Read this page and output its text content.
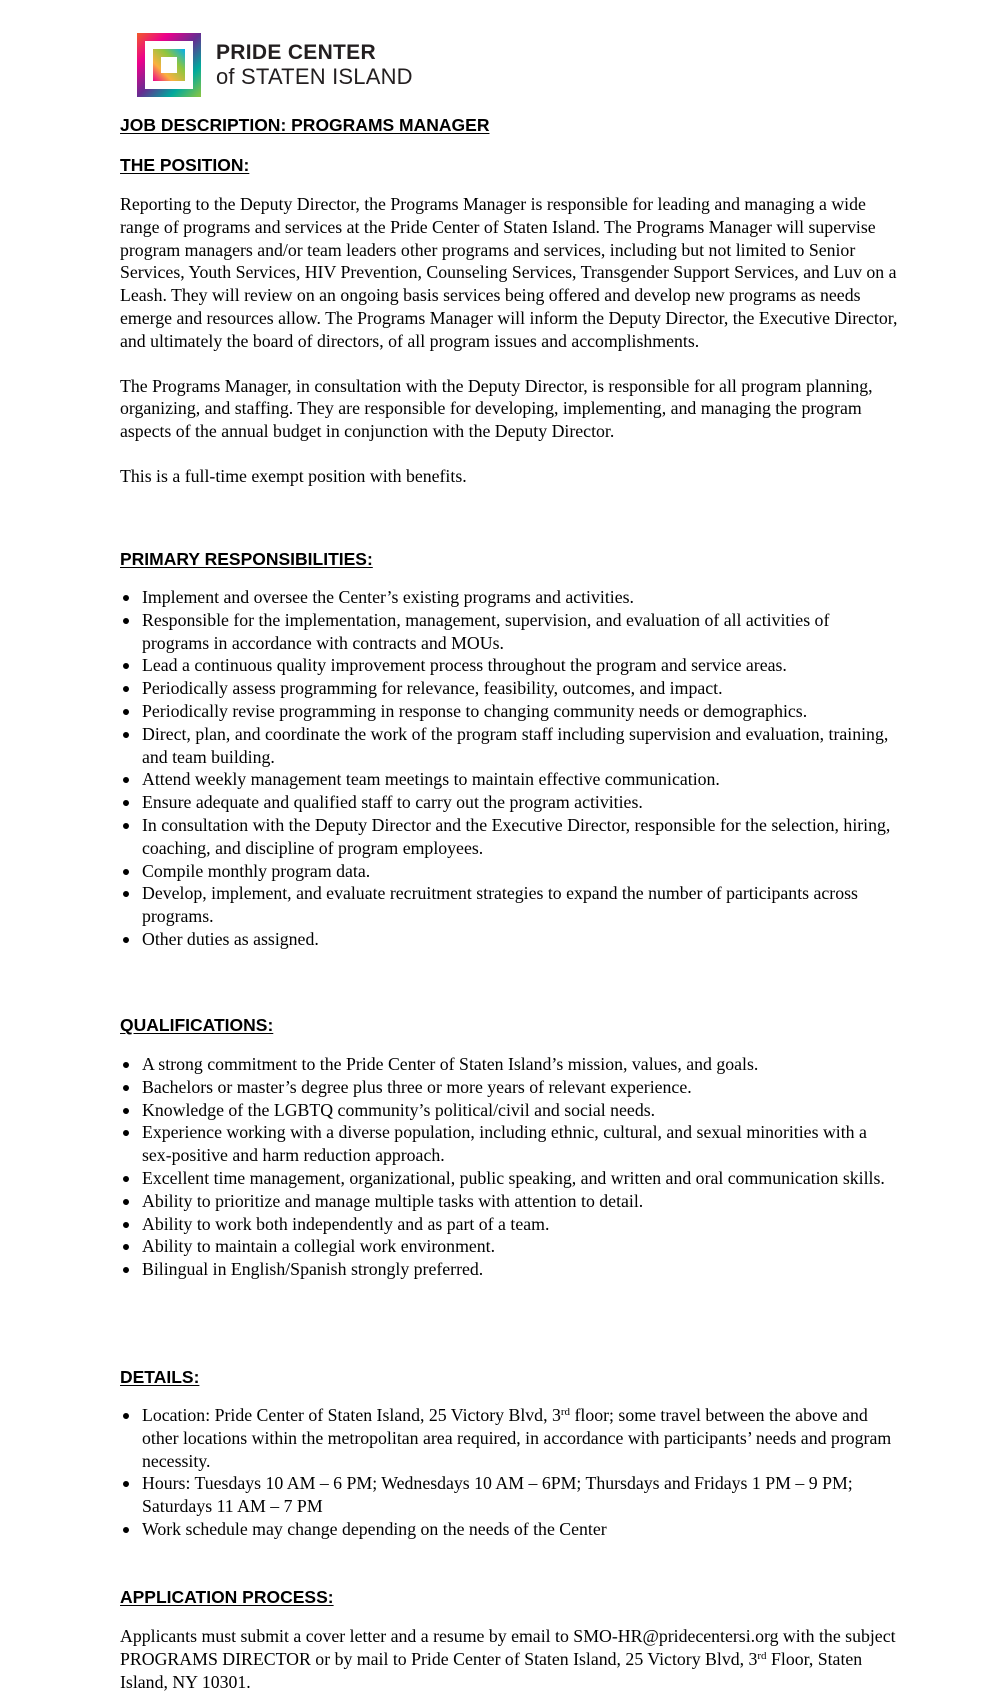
PRIDE CENTER
of STATEN ISLAND
JOB DESCRIPTION: PROGRAMS MANAGER
THE POSITION:

Reporting to the Deputy Director, the Programs Manager is responsible for leading and managing a wide range of programs and services at the Pride Center of Staten Island. The Programs Manager will supervise program managers and/or team leaders other programs and services, including but not limited to Senior Services, Youth Services, HIV Prevention, Counseling Services, Transgender Support Services, and Luv on a Leash. They will review on an ongoing basis services being offered and develop new programs as needs emerge and resources allow. The Programs Manager will inform the Deputy Director, the Executive Director, and ultimately the board of directors, of all program issues and accomplishments.

The Programs Manager, in consultation with the Deputy Director, is responsible for all program planning, organizing, and staffing. They are responsible for developing, implementing, and managing the program aspects of the annual budget in conjunction with the Deputy Director.

This is a full-time exempt position with benefits.

PRIMARY RESPONSIBILITIES:
Implement and oversee the Center’s existing programs and activities.
Responsible for the implementation, management, supervision, and evaluation of all activities of programs in accordance with contracts and MOUs.
Lead a continuous quality improvement process throughout the program and service areas.
Periodically assess programming for relevance, feasibility, outcomes, and impact.
Periodically revise programming in response to changing community needs or demographics.
Direct, plan, and coordinate the work of the program staff including supervision and evaluation, training, and team building.
Attend weekly management team meetings to maintain effective communication.
Ensure adequate and qualified staff to carry out the program activities.
In consultation with the Deputy Director and the Executive Director, responsible for the selection, hiring, coaching, and discipline of program employees.
Compile monthly program data.
Develop, implement, and evaluate recruitment strategies to expand the number of participants across programs.
Other duties as assigned.
QUALIFICATIONS:
A strong commitment to the Pride Center of Staten Island’s mission, values, and goals.
Bachelors or master’s degree plus three or more years of relevant experience.
Knowledge of the LGBTQ community’s political/civil and social needs.
Experience working with a diverse population, including ethnic, cultural, and sexual minorities with a sex-positive and harm reduction approach.
Excellent time management, organizational, public speaking, and written and oral communication skills.
Ability to prioritize and manage multiple tasks with attention to detail.
Ability to work both independently and as part of a team.
Ability to maintain a collegial work environment.
Bilingual in English/Spanish strongly preferred.
DETAILS:
Location: Pride Center of Staten Island, 25 Victory Blvd, 3rd floor; some travel between the above and other locations within the metropolitan area required, in accordance with participants’ needs and program necessity.
Hours: Tuesdays 10 AM – 6 PM; Wednesdays 10 AM – 6PM; Thursdays and Fridays 1 PM – 9 PM; Saturdays 11 AM – 7 PM
Work schedule may change depending on the needs of the Center
APPLICATION PROCESS:

Applicants must submit a cover letter and a resume by email to SMO-HR@pridecentersi.org with the subject PROGRAMS DIRECTOR or by mail to Pride Center of Staten Island, 25 Victory Blvd, 3rd Floor, Staten Island, NY 10301.
